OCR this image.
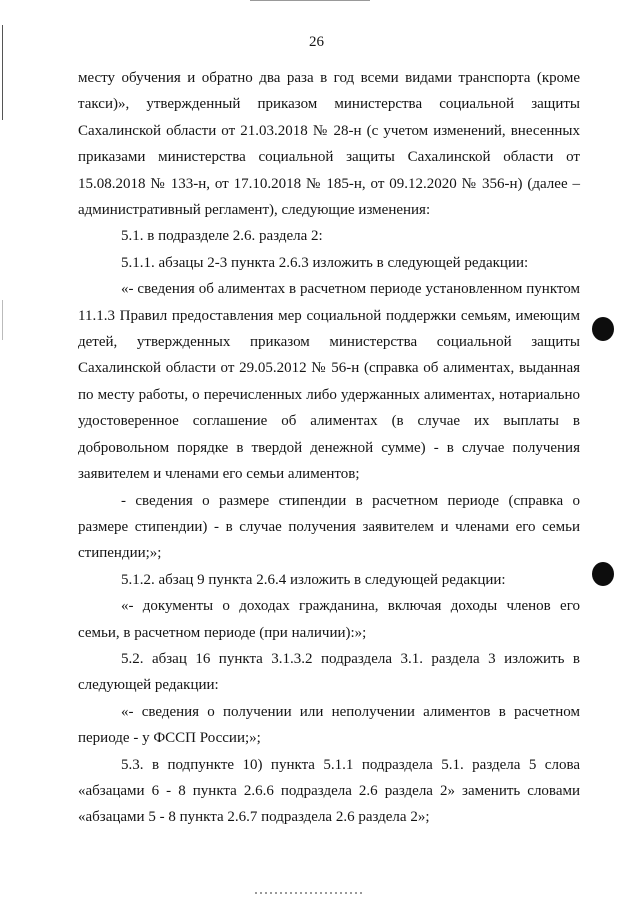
26

месту обучения и обратно два раза в год всеми видами транспорта (кроме такси)», утвержденный приказом министерства социальной защиты Сахалинской области от 21.03.2018 № 28-н (с учетом изменений, внесенных приказами министерства социальной защиты Сахалинской области от 15.08.2018 № 133-н, от 17.10.2018 № 185-н, от 09.12.2020 № 356-н) (далее – административный регламент), следующие изменения:

5.1. в подразделе 2.6. раздела 2:

5.1.1. абзацы 2-3 пункта 2.6.3 изложить в следующей редакции:

«- сведения об алиментах в расчетном периоде установленном пунктом 11.1.3 Правил предоставления мер социальной поддержки семьям, имеющим детей, утвержденных приказом министерства социальной защиты Сахалинской области от 29.05.2012 № 56-н (справка об алиментах, выданная по месту работы, о перечисленных либо удержанных алиментах, нотариально удостоверенное соглашение об алиментах (в случае их выплаты в добровольном порядке в твердой денежной сумме) - в случае получения заявителем и членами его семьи алиментов;

- сведения о размере стипендии в расчетном периоде (справка о размере стипендии) - в случае получения заявителем и членами его семьи стипендии;»;

5.1.2. абзац 9 пункта 2.6.4 изложить в следующей редакции:

«- документы о доходах гражданина, включая доходы членов его семьи, в расчетном периоде (при наличии):»;

5.2. абзац 16 пункта 3.1.3.2 подраздела 3.1. раздела 3 изложить в следующей редакции:

«- сведения о получении или неполучении алиментов в расчетном периоде - у ФССП России;»;

5.3. в подпункте 10) пункта 5.1.1 подраздела 5.1. раздела 5 слова «абзацами 6 - 8 пункта 2.6.6 подраздела 2.6 раздела 2» заменить словами «абзацами 5 - 8 пункта 2.6.7 подраздела 2.6 раздела 2»;
